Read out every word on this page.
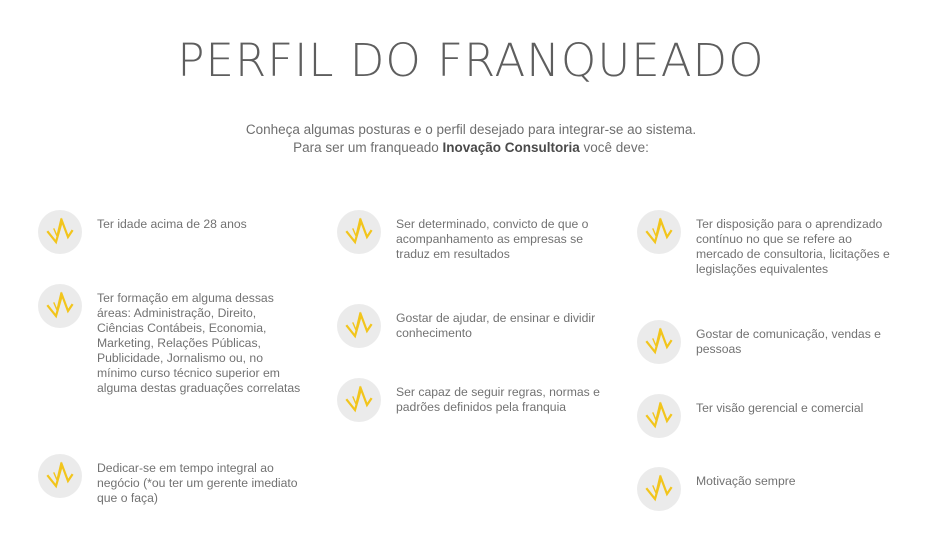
PERFIL DO FRANQUEADO
Conheça algumas posturas e o perfil desejado para integrar-se ao sistema.
Para ser um franqueado Inovação Consultoria você deve:
Ter idade acima de 28 anos
Ter formação em alguma dessas áreas: Administração, Direito, Ciências Contábeis, Economia, Marketing, Relações Públicas, Publicidade, Jornalismo ou, no mínimo curso técnico superior em alguma destas graduações correlatas
Dedicar-se em tempo integral ao negócio (*ou ter um gerente imediato que o faça)
Ser determinado, convicto de que o acompanhamento as empresas se traduz em resultados
Gostar de ajudar, de ensinar e dividir conhecimento
Ser capaz de seguir regras, normas e padrões definidos pela franquia
Ter disposição para o aprendizado contínuo no que se refere ao mercado de consultoria, licitações e legislações equivalentes
Gostar de comunicação, vendas e pessoas
Ter visão gerencial e comercial
Motivação sempre
